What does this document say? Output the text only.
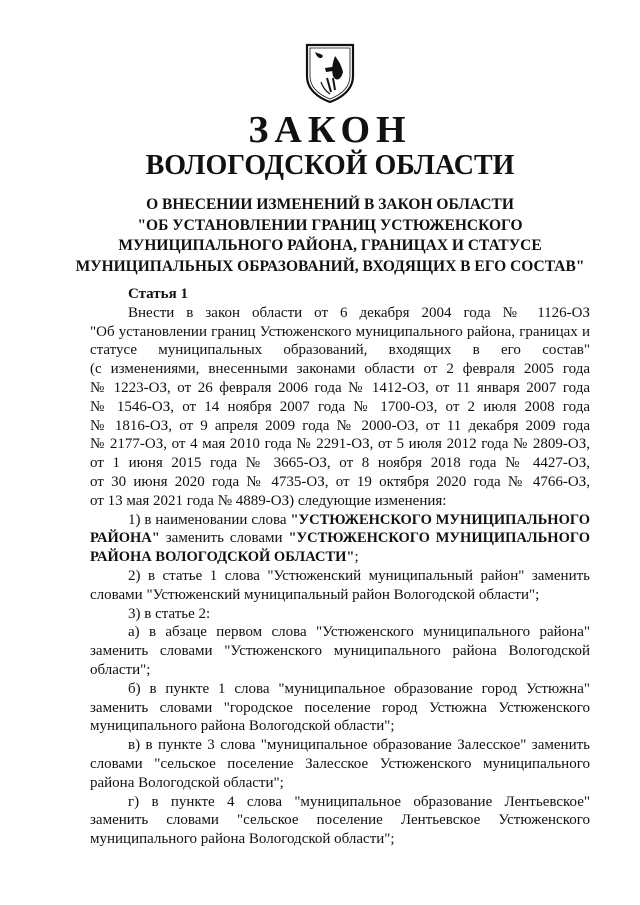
ЗАКОН
ВОЛОГОДСКОЙ ОБЛАСТИ
О ВНЕСЕНИИ ИЗМЕНЕНИЙ В ЗАКОН ОБЛАСТИ
"ОБ УСТАНОВЛЕНИИ ГРАНИЦ УСТЮЖЕНСКОГО
МУНИЦИПАЛЬНОГО РАЙОНА, ГРАНИЦАХ И СТАТУСЕ
МУНИЦИПАЛЬНЫХ ОБРАЗОВАНИЙ, ВХОДЯЩИХ В ЕГО СОСТАВ"
Статья 1
Внести в закон области от 6 декабря 2004 года № 1126-ОЗ
"Об установлении границ Устюженского муниципального района, границах и
статусе муниципальных образований, входящих в его состав"
(с изменениями, внесенными законами области от 2 февраля 2005 года
№ 1223-ОЗ, от 26 февраля 2006 года № 1412-ОЗ, от 11 января 2007 года
№ 1546-ОЗ, от 14 ноября 2007 года № 1700-ОЗ, от 2 июля 2008 года
№ 1816-ОЗ, от 9 апреля 2009 года № 2000-ОЗ, от 11 декабря 2009 года
№ 2177-ОЗ, от 4 мая 2010 года № 2291-ОЗ, от 5 июля 2012 года № 2809-ОЗ,
от 1 июня 2015 года № 3665-ОЗ, от 8 ноября 2018 года № 4427-ОЗ,
от 30 июня 2020 года № 4735-ОЗ, от 19 октября 2020 года № 4766-ОЗ,
от 13 мая 2021 года № 4889-ОЗ) следующие изменения:
1) в наименовании слова "УСТЮЖЕНСКОГО МУНИЦИПАЛЬНОГО
РАЙОНА" заменить словами "УСТЮЖЕНСКОГО МУНИЦИПАЛЬНОГО
РАЙОНА ВОЛОГОДСКОЙ ОБЛАСТИ";
2) в статье 1 слова "Устюженский муниципальный район" заменить
словами "Устюженский муниципальный район Вологодской области";
3) в статье 2:
а) в абзаце первом слова "Устюженского муниципального района"
заменить словами "Устюженского муниципального района Вологодской
области";
б) в пункте 1 слова "муниципальное образование город Устюжна"
заменить словами "городское поселение город Устюжна Устюженского
муниципального района Вологодской области";
в) в пункте 3 слова "муниципальное образование Залесское" заменить
словами "сельское поселение Залесское Устюженского муниципального
района Вологодской области";
г) в пункте 4 слова "муниципальное образование Лентьевское"
заменить словами "сельское поселение Лентьевское Устюженского
муниципального района Вологодской области";
